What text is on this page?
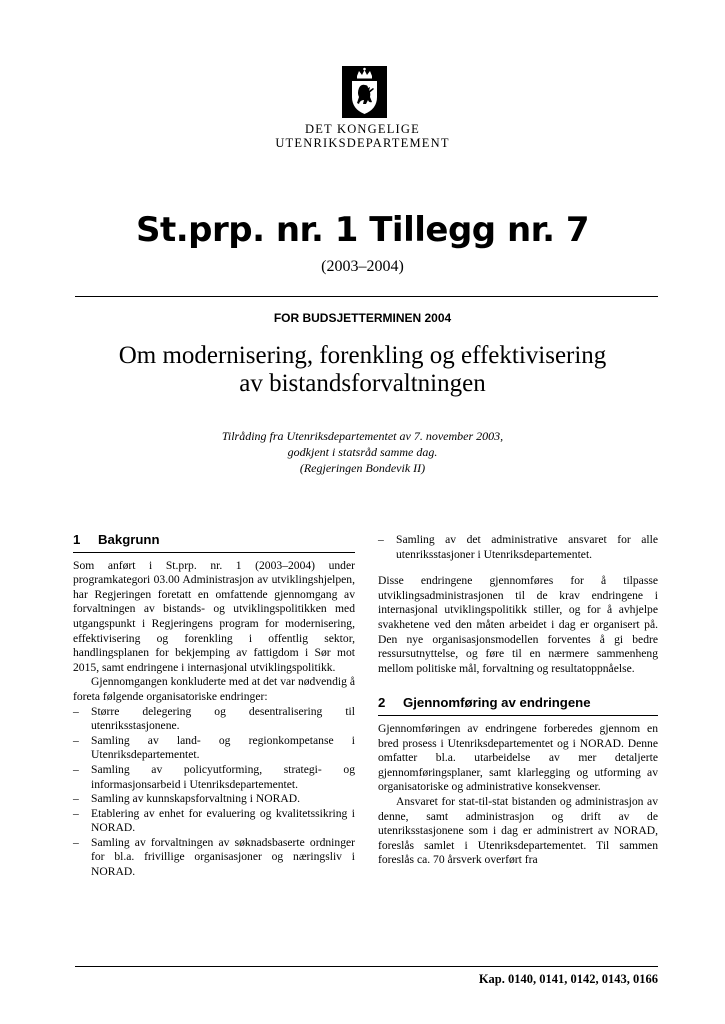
DET KONGELIGE
UTENRIKSDEPARTEMENT
St.prp. nr. 1 Tillegg nr. 7
(2003–2004)
FOR BUDSJETTERMINEN 2004
Om modernisering, forenkling og effektivisering
av bistandsforvaltningen
Tilråding fra Utenriksdepartementet av 7. november 2003,
godkjent i statsråd samme dag.
(Regjeringen Bondevik II)
1 Bakgrunn

Som anført i St.prp. nr. 1 (2003–2004) under programkategori 03.00 Administrasjon av utviklingshjelpen, har Regjeringen foretatt en omfattende gjennomgang av forvaltningen av bistands- og utviklingspolitikken med utgangspunkt i Regjeringens program for modernisering, effektivisering og forenkling i offentlig sektor, handlingsplanen for bekjemping av fattigdom i Sør mot 2015, samt endringene i internasjonal utviklingspolitikk.

Gjennomgangen konkluderte med at det var nødvendig å foreta følgende organisatoriske endringer:

– Større delegering og desentralisering til utenriksstasjonene.

– Samling av land- og regionkompetanse i Utenriksdepartementet.

– Samling av policyutforming, strategi- og informasjonsarbeid i Utenriksdepartementet.

– Samling av kunnskapsforvaltning i NORAD.

– Etablering av enhet for evaluering og kvalitetssikring i NORAD.

– Samling av forvaltningen av søknadsbaserte ordninger for bl.a. frivillige organisasjoner og næringsliv i NORAD.

– Samling av det administrative ansvaret for alle utenriksstasjoner i Utenriksdepartementet.

Disse endringene gjennomføres for å tilpasse utviklingsadministrasjonen til de krav endringene i internasjonal utviklingspolitikk stiller, og for å avhjelpe svakhetene ved den måten arbeidet i dag er organisert på. Den nye organisasjonsmodellen forventes å gi bedre ressursutnyttelse, og føre til en nærmere sammenheng mellom politiske mål, forvaltning og resultatoppnåelse.

2 Gjennomføring av endringene

Gjennomføringen av endringene forberedes gjennom en bred prosess i Utenriksdepartementet og i NORAD. Denne omfatter bl.a. utarbeidelse av mer detaljerte gjennomføringsplaner, samt klarlegging og utforming av organisatoriske og administrative konsekvenser.

Ansvaret for stat-til-stat bistanden og administrasjon av denne, samt administrasjon og drift av de utenriksstasjonene som i dag er administrert av NORAD, foreslås samlet i Utenriksdepartementet. Til sammen foreslås ca. 70 årsverk overført fra

Kap. 0140, 0141, 0142, 0143, 0166
